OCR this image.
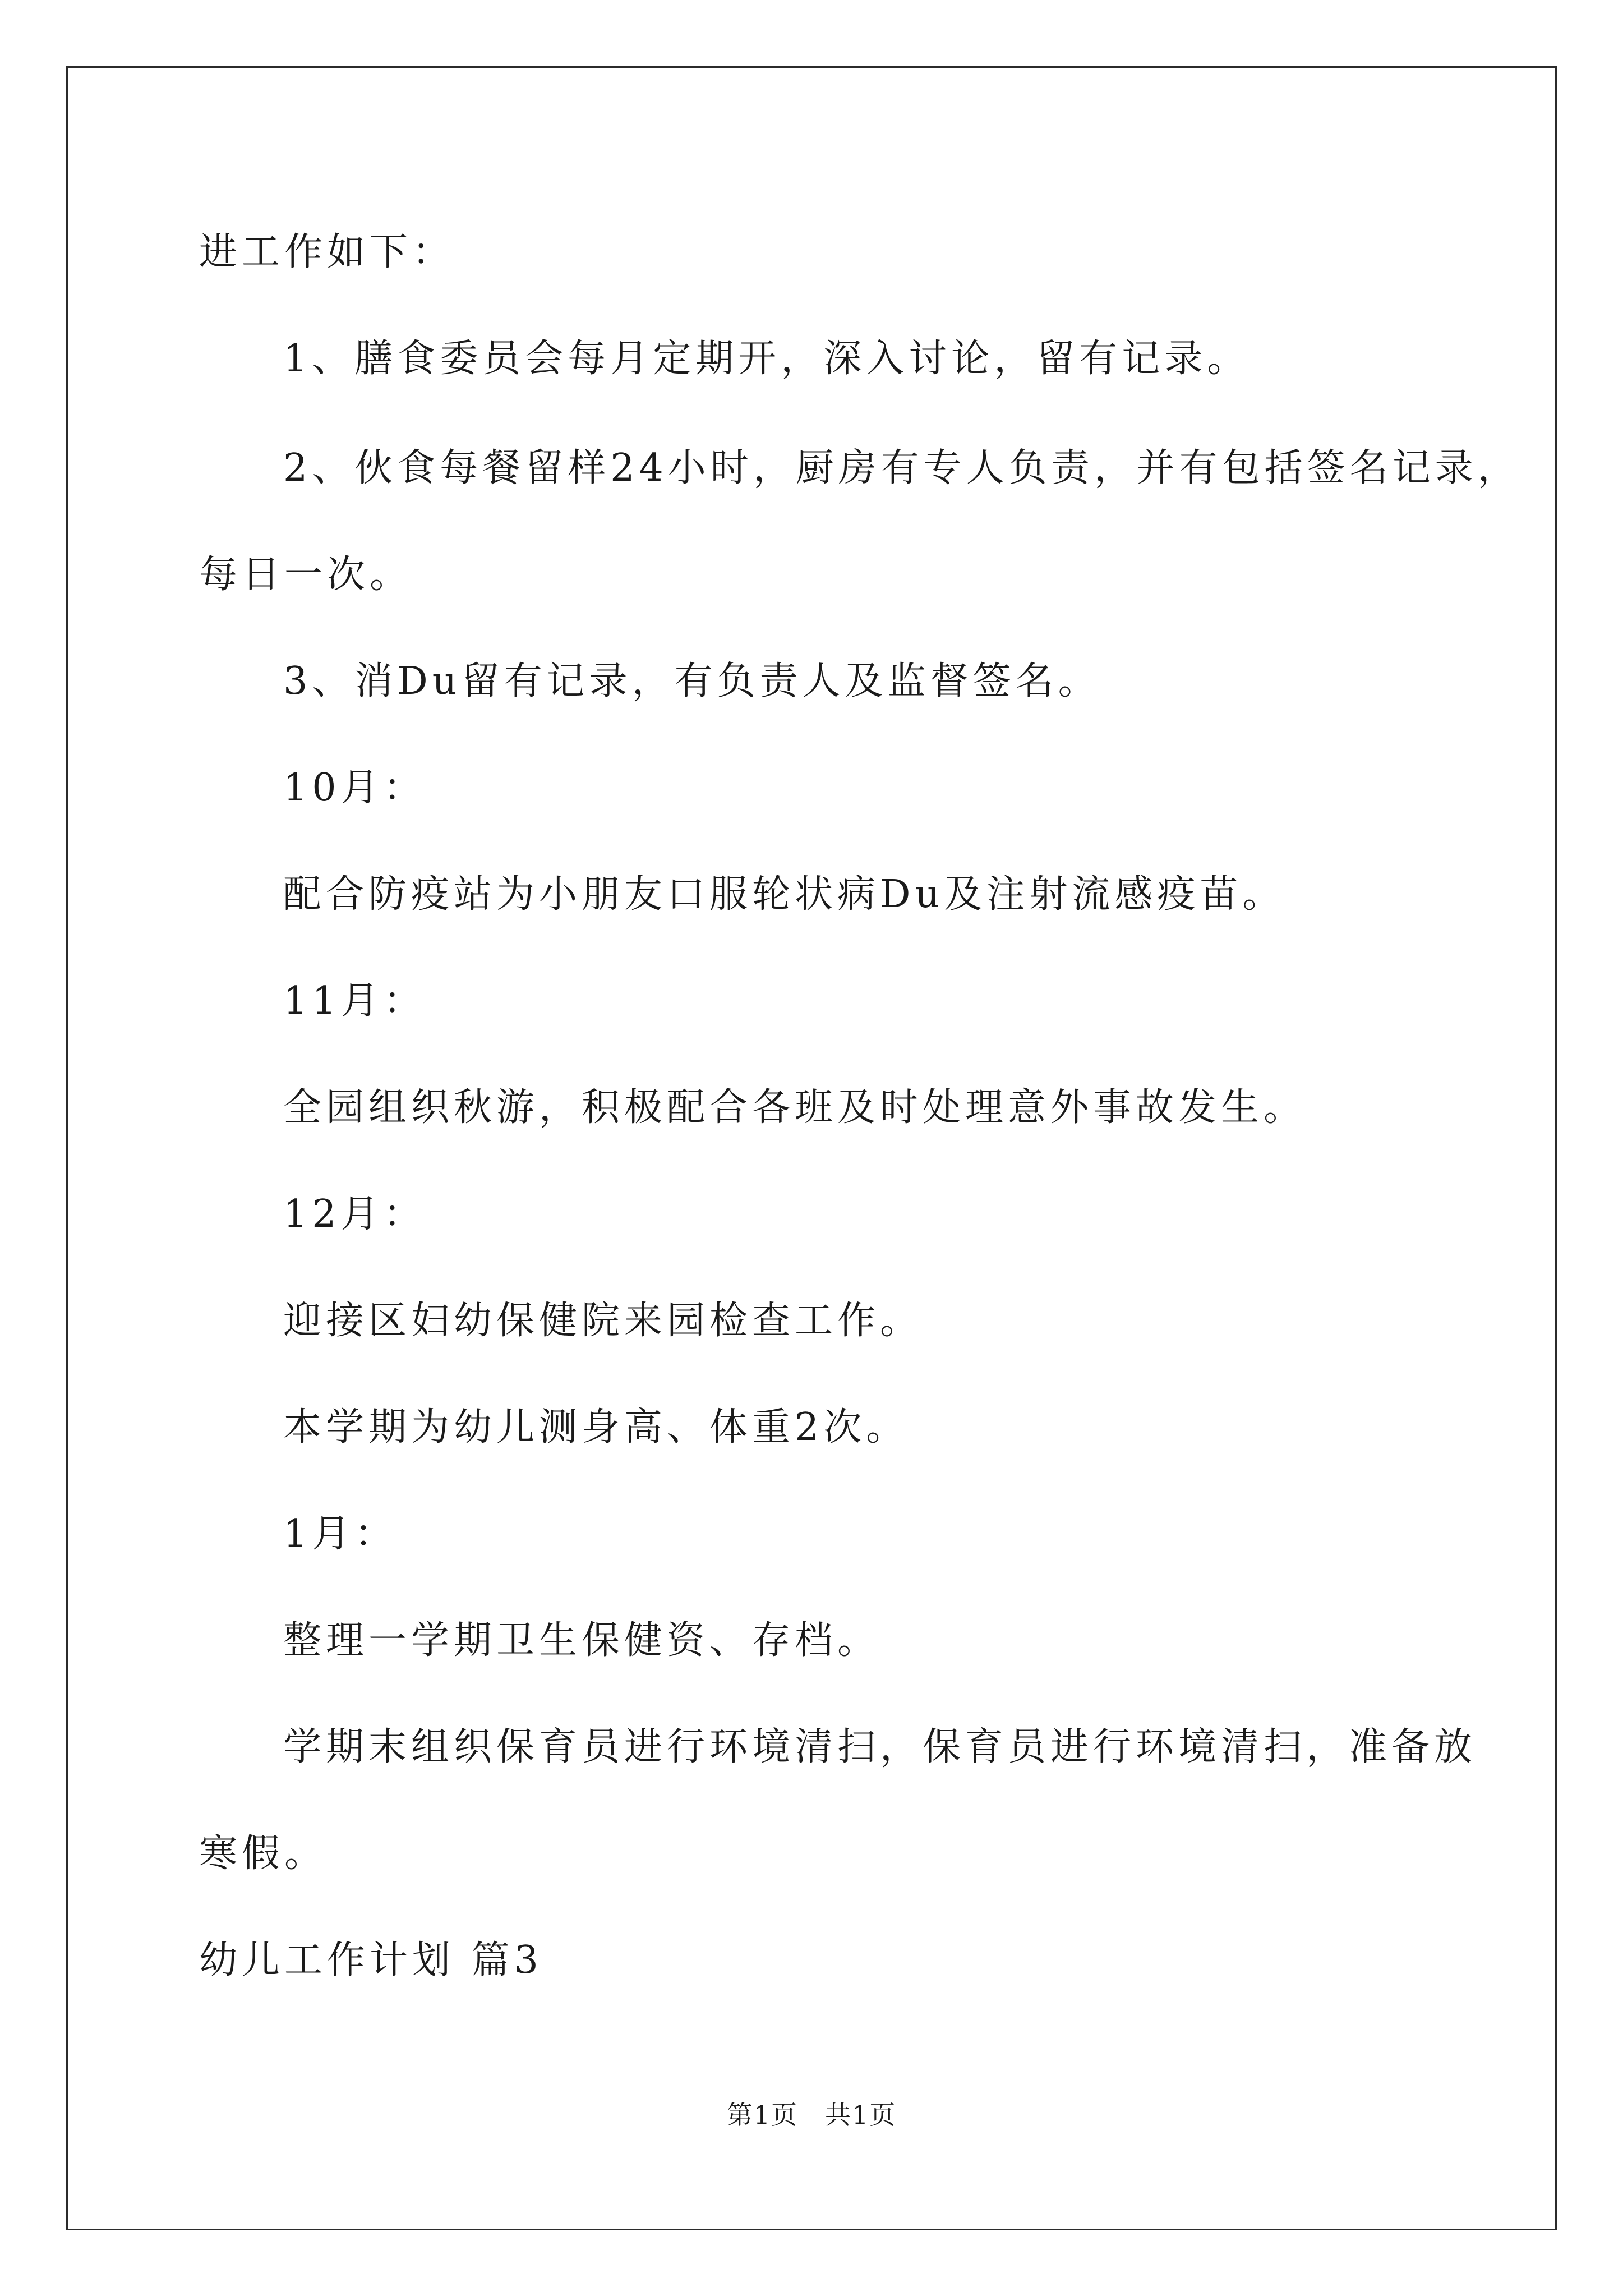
进工作如下：
1、膳食委员会每月定期开，深入讨论，留有记录。
2、伙食每餐留样24小时，厨房有专人负责，并有包括签名记录，
每日一次。
3、消Du留有记录，有负责人及监督签名。
10月：
配合防疫站为小朋友口服轮状病Du及注射流感疫苗。
11月：
全园组织秋游，积极配合各班及时处理意外事故发生。
12月：
迎接区妇幼保健院来园检查工作。
本学期为幼儿测身高、体重2次。
1月：
整理一学期卫生保健资、存档。
学期末组织保育员进行环境清扫，保育员进行环境清扫，准备放
寒假。
幼儿工作计划 篇3
第1页　共1页
